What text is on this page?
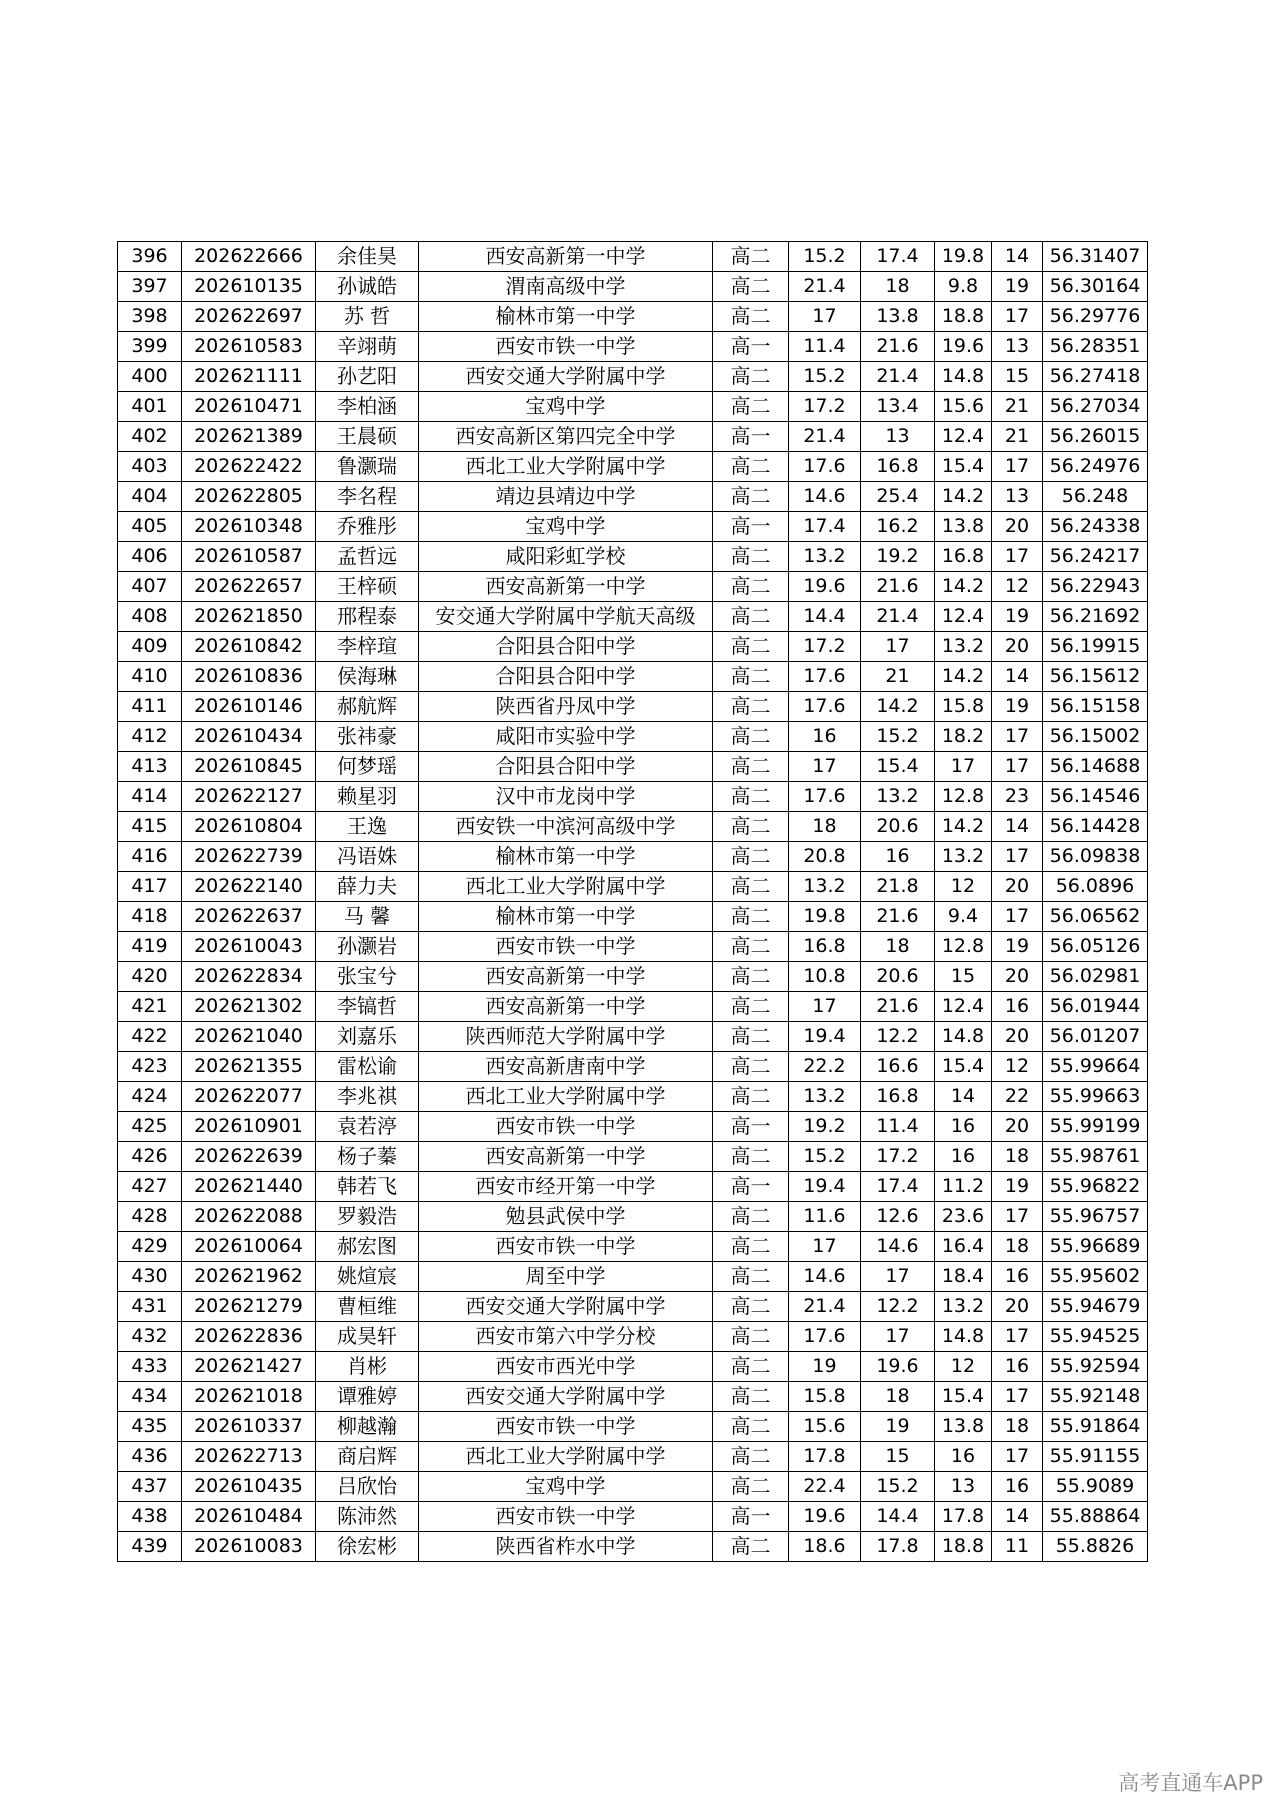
396	202622666	余佳昊	西安高新第一中学	高二	15.2	17.4	19.8	14	56.31407
397	202610135	孙诚皓	渭南高级中学	高二	21.4	18	9.8	19	56.30164
398	202622697	苏 哲	榆林市第一中学	高二	17	13.8	18.8	17	56.29776
399	202610583	辛翊萌	西安市铁一中学	高一	11.4	21.6	19.6	13	56.28351
400	202621111	孙艺阳	西安交通大学附属中学	高二	15.2	21.4	14.8	15	56.27418
401	202610471	李柏涵	宝鸡中学	高二	17.2	13.4	15.6	21	56.27034
402	202621389	王晨硕	西安高新区第四完全中学	高一	21.4	13	12.4	21	56.26015
403	202622422	鲁灏瑞	西北工业大学附属中学	高二	17.6	16.8	15.4	17	56.24976
404	202622805	李名程	靖边县靖边中学	高二	14.6	25.4	14.2	13	56.248
405	202610348	乔雅彤	宝鸡中学	高一	17.4	16.2	13.8	20	56.24338
406	202610587	孟哲远	咸阳彩虹学校	高二	13.2	19.2	16.8	17	56.24217
407	202622657	王梓硕	西安高新第一中学	高二	19.6	21.6	14.2	12	56.22943
408	202621850	邢程泰	安交通大学附属中学航天高级	高二	14.4	21.4	12.4	19	56.21692
409	202610842	李梓瑄	合阳县合阳中学	高二	17.2	17	13.2	20	56.19915
410	202610836	侯海琳	合阳县合阳中学	高二	17.6	21	14.2	14	56.15612
411	202610146	郝航辉	陕西省丹凤中学	高二	17.6	14.2	15.8	19	56.15158
412	202610434	张祎豪	咸阳市实验中学	高二	16	15.2	18.2	17	56.15002
413	202610845	何梦瑶	合阳县合阳中学	高二	17	15.4	17	17	56.14688
414	202622127	赖星羽	汉中市龙岗中学	高二	17.6	13.2	12.8	23	56.14546
415	202610804	王逸	西安铁一中滨河高级中学	高二	18	20.6	14.2	14	56.14428
416	202622739	冯语姝	榆林市第一中学	高二	20.8	16	13.2	17	56.09838
417	202622140	薛力夫	西北工业大学附属中学	高二	13.2	21.8	12	20	56.0896
418	202622637	马 馨	榆林市第一中学	高二	19.8	21.6	9.4	17	56.06562
419	202610043	孙灏岩	西安市铁一中学	高二	16.8	18	12.8	19	56.05126
420	202622834	张宝兮	西安高新第一中学	高二	10.8	20.6	15	20	56.02981
421	202621302	李镐哲	西安高新第一中学	高二	17	21.6	12.4	16	56.01944
422	202621040	刘嘉乐	陕西师范大学附属中学	高二	19.4	12.2	14.8	20	56.01207
423	202621355	雷松谕	西安高新唐南中学	高二	22.2	16.6	15.4	12	55.99664
424	202622077	李兆祺	西北工业大学附属中学	高二	13.2	16.8	14	22	55.99663
425	202610901	袁若渟	西安市铁一中学	高一	19.2	11.4	16	20	55.99199
426	202622639	杨子蓁	西安高新第一中学	高二	15.2	17.2	16	18	55.98761
427	202621440	韩若飞	西安市经开第一中学	高一	19.4	17.4	11.2	19	55.96822
428	202622088	罗毅浩	勉县武侯中学	高二	11.6	12.6	23.6	17	55.96757
429	202610064	郝宏图	西安市铁一中学	高二	17	14.6	16.4	18	55.96689
430	202621962	姚煊宸	周至中学	高二	14.6	17	18.4	16	55.95602
431	202621279	曹桓维	西安交通大学附属中学	高二	21.4	12.2	13.2	20	55.94679
432	202622836	成昊轩	西安市第六中学分校	高二	17.6	17	14.8	17	55.94525
433	202621427	肖彬	西安市西光中学	高二	19	19.6	12	16	55.92594
434	202621018	谭雅婷	西安交通大学附属中学	高二	15.8	18	15.4	17	55.92148
435	202610337	柳越瀚	西安市铁一中学	高二	15.6	19	13.8	18	55.91864
436	202622713	商启辉	西北工业大学附属中学	高二	17.8	15	16	17	55.91155
437	202610435	吕欣怡	宝鸡中学	高二	22.4	15.2	13	16	55.9089
438	202610484	陈沛然	西安市铁一中学	高一	19.6	14.4	17.8	14	55.88864
439	202610083	徐宏彬	陕西省柞水中学	高二	18.6	17.8	18.8	11	55.8826
高考直通车APP
